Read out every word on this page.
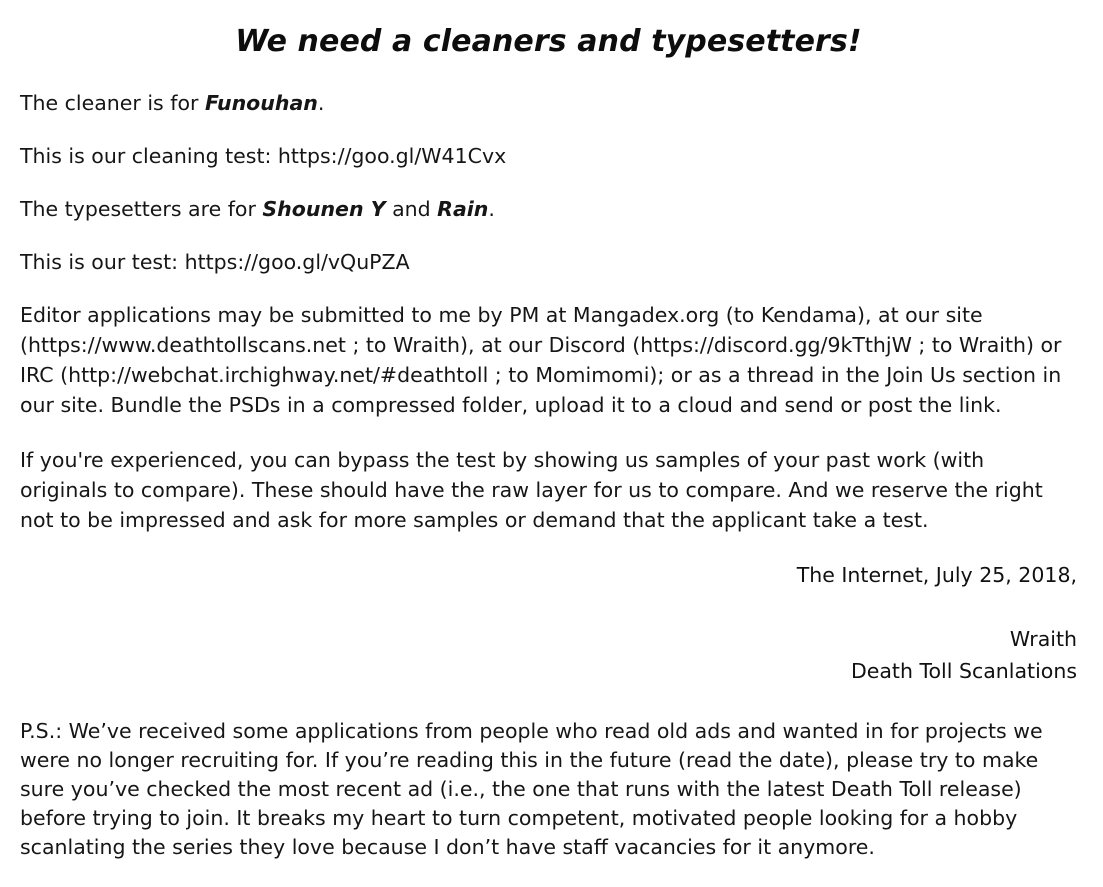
We need a cleaners and typesetters!

The cleaner is for Funouhan.

This is our cleaning test: https://goo.gl/W41Cvx

The typesetters are for Shounen Y and Rain.

This is our test: https://goo.gl/vQuPZA

Editor applications may be submitted to me by PM at Mangadex.org (to Kendama), at our site (https://www.deathtollscans.net ; to Wraith), at our Discord (https://discord.gg/9kTthjW ; to Wraith) or IRC (http://webchat.irchighway.net/#deathtoll ; to Momimomi); or as a thread in the Join Us section in our site. Bundle the PSDs in a compressed folder, upload it to a cloud and send or post the link.

If you're experienced, you can bypass the test by showing us samples of your past work (with originals to compare). These should have the raw layer for us to compare. And we reserve the right not to be impressed and ask for more samples or demand that the applicant take a test.

The Internet, July 25, 2018,

Wraith

Death Toll Scanlations

P.S.: We’ve received some applications from people who read old ads and wanted in for projects we were no longer recruiting for. If you’re reading this in the future (read the date), please try to make sure you’ve checked the most recent ad (i.e., the one that runs with the latest Death Toll release) before trying to join. It breaks my heart to turn competent, motivated people looking for a hobby scanlating the series they love because I don’t have staff vacancies for it anymore.
